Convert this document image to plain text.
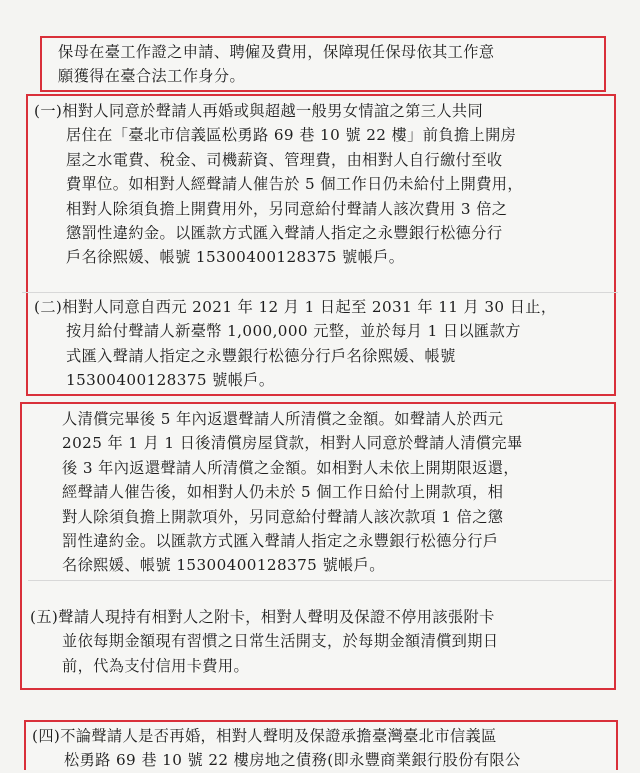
保母在臺工作證之申請、聘僱及費用，保障現任保母依其工作意
願獲得在臺合法工作身分。
(一)相對人同意於聲請人再婚或與超越一般男女情誼之第三人共同
居住在「臺北市信義區松勇路 69 巷 10 號 22 樓」前負擔上開房
屋之水電費、稅金、司機薪資、管理費，由相對人自行繳付至收
費單位。如相對人經聲請人催告於 5 個工作日仍未給付上開費用，
相對人除須負擔上開費用外，另同意給付聲請人該次費用 3 倍之
懲罰性違約金。以匯款方式匯入聲請人指定之永豐銀行松德分行
戶名徐熙媛、帳號 15300400128375 號帳戶。
(二)相對人同意自西元 2021 年 12 月 1 日起至 2031 年 11 月 30 日止，
按月給付聲請人新臺幣 1,000,000 元整，並於每月 1 日以匯款方
式匯入聲請人指定之永豐銀行松德分行戶名徐熙媛、帳號
15300400128375 號帳戶。
人清償完畢後 5 年內返還聲請人所清償之金額。如聲請人於西元
2025 年 1 月 1 日後清償房屋貸款，相對人同意於聲請人清償完畢
後 3 年內返還聲請人所清償之金額。如相對人未依上開期限返還，
經聲請人催告後，如相對人仍未於 5 個工作日給付上開款項，相
對人除須負擔上開款項外，另同意給付聲請人該次款項 1 倍之懲
罰性違約金。以匯款方式匯入聲請人指定之永豐銀行松德分行戶
名徐熙媛、帳號 15300400128375 號帳戶。
(五)聲請人現持有相對人之附卡，相對人聲明及保證不停用該張附卡
並依每期金額現有習慣之日常生活開支，於每期金額清償到期日
前，代為支付信用卡費用。
(四)不論聲請人是否再婚，相對人聲明及保證承擔臺灣臺北市信義區
松勇路 69 巷 10 號 22 樓房地之債務(即永豐商業銀行股份有限公
